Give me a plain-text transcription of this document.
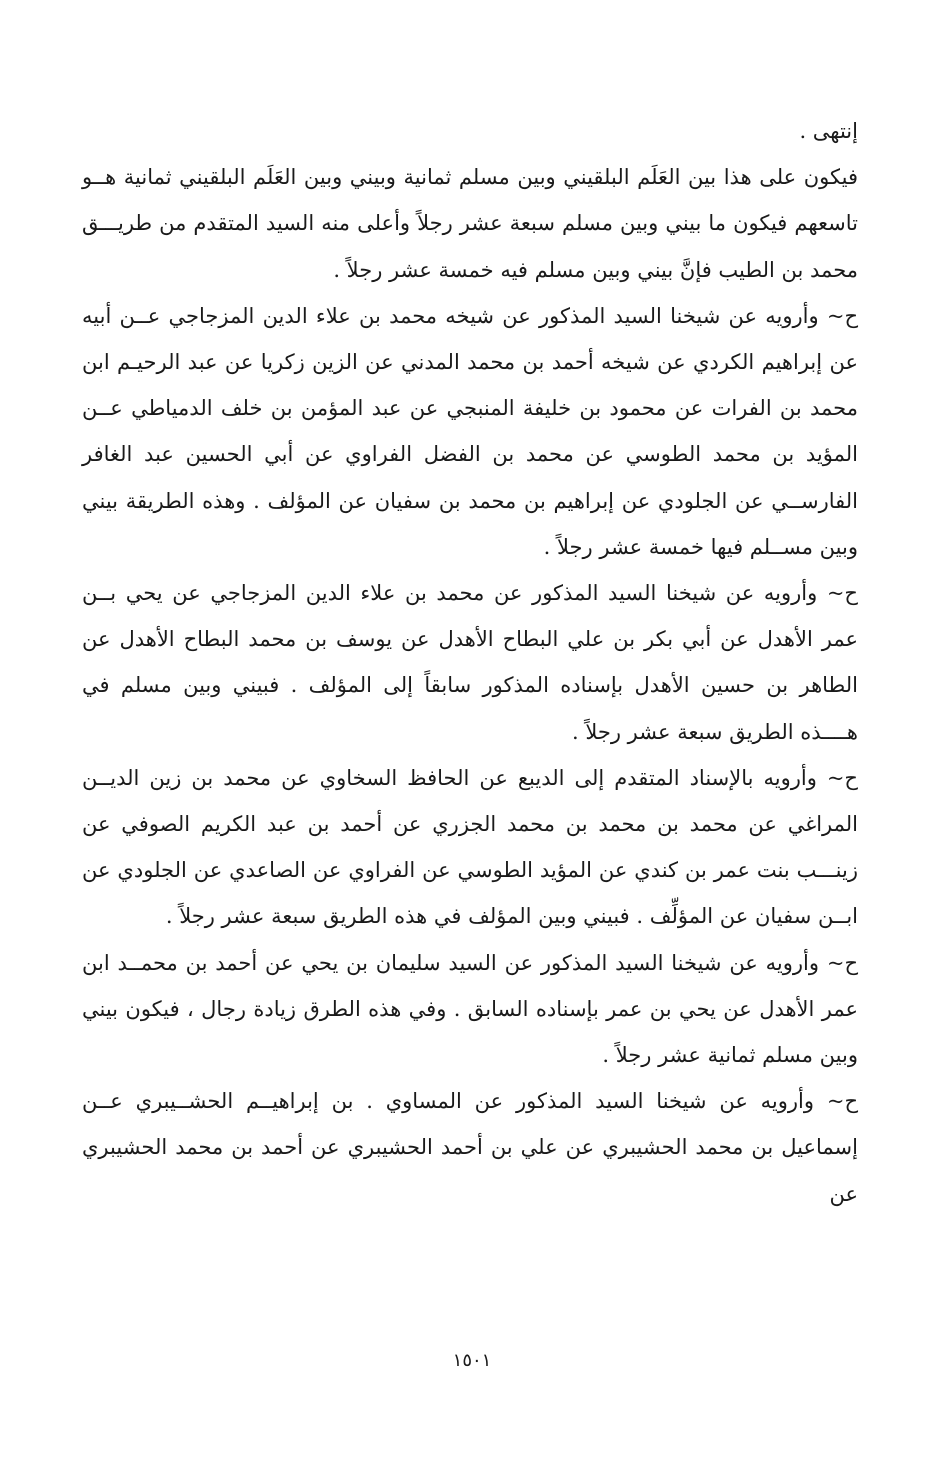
إنتهى .

فيكون على هذا بين العَلَم البلقيني وبين مسلم ثمانية وبيني وبين العَلَم البلقيني ثمانية هــو تاسعهم فيكون ما بيني وبين مسلم سبعة عشر رجلاً وأعلى منه السيد المتقدم من طريـــق محمد بن الطيب فإنَّ بيني وبين مسلم فيه خمسة عشر رجلاً .

ح~ وأرويه عن شيخنا السيد المذكور عن شيخه محمد بن علاء الدين المزجاجي عــن أبيه عن إبراهيم الكردي عن شيخه أحمد بن محمد المدني عن الزين زكريا عن عبد الرحيـم ابن محمد بن الفرات عن محمود بن خليفة المنبجي عن عبد المؤمن بن خلف الدمياطي عــن المؤيد بن محمد الطوسي عن محمد بن الفضل الفراوي عن أبي الحسين عبد الغافر الفارســي عن الجلودي عن إبراهيم بن محمد بن سفيان عن المؤلف . وهذه الطريقة بيني وبين مســلم فيها خمسة عشر رجلاً .

ح~ وأرويه عن شيخنا السيد المذكور عن محمد بن علاء الدين المزجاجي عن يحي بــن عمر الأهدل عن أبي بكر بن علي البطاح الأهدل عن يوسف بن محمد البطاح الأهدل عن الطاهر بن حسين الأهدل بإسناده المذكور سابقاً إلى المؤلف . فبيني وبين مسلم في هــــذه الطريق سبعة عشر رجلاً .

ح~ وأرويه بالإسناد المتقدم إلى الديبع عن الحافظ السخاوي عن محمد بن زين الديــن المراغي عن محمد بن محمد بن محمد الجزري عن أحمد بن عبد الكريم الصوفي عن زينـــب بنت عمر بن كندي عن المؤيد الطوسي عن الفراوي عن الصاعدي عن الجلودي عن ابــن سفيان عن المؤلِّف . فبيني وبين المؤلف في هذه الطريق سبعة عشر رجلاً .

ح~ وأرويه عن شيخنا السيد المذكور عن السيد سليمان بن يحي عن أحمد بن محمــد ابن عمر الأهدل عن يحي بن عمر بإسناده السابق . وفي هذه الطرق زيادة رجال ، فيكون بيني وبين مسلم ثمانية عشر رجلاً .

ح~ وأرويه عن شيخنا السيد المذكور عن المساوي . بن إبراهيــم الحشــيبري عــن إسماعيل بن محمد الحشيبري عن علي بن أحمد الحشيبري عن أحمد بن محمد الحشيبري عن

١٥٠١
